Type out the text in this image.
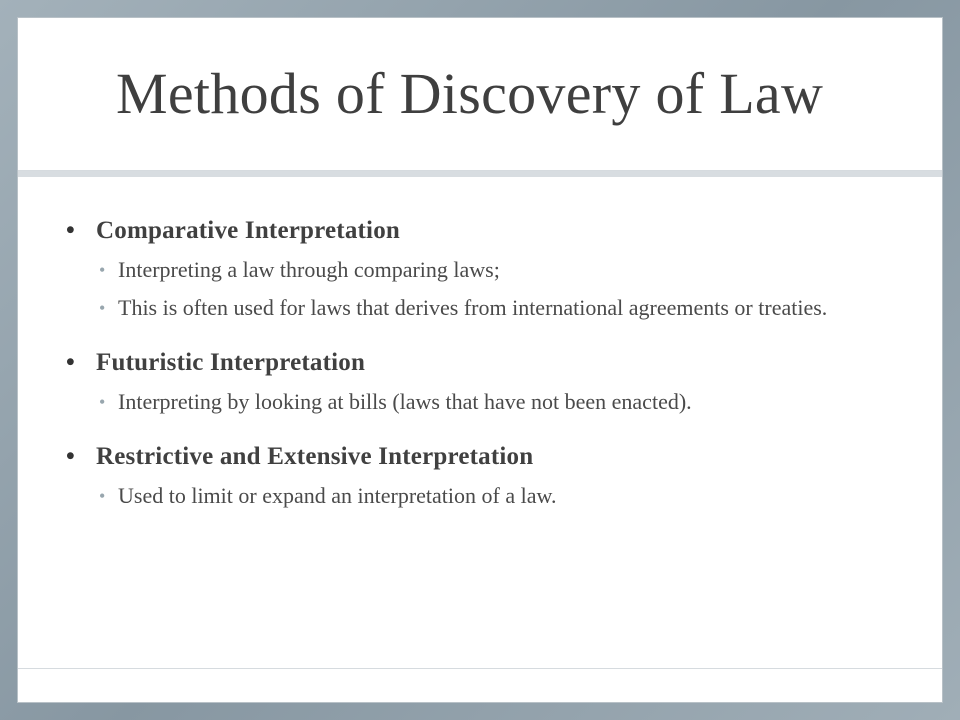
Methods of Discovery of Law
• Comparative Interpretation
• Interpreting a law through comparing laws;
• This is often used for laws that derives from international agreements or treaties.
• Futuristic Interpretation
• Interpreting by looking at bills (laws that have not been enacted).
• Restrictive and Extensive Interpretation
• Used to limit or expand an interpretation of a law.
